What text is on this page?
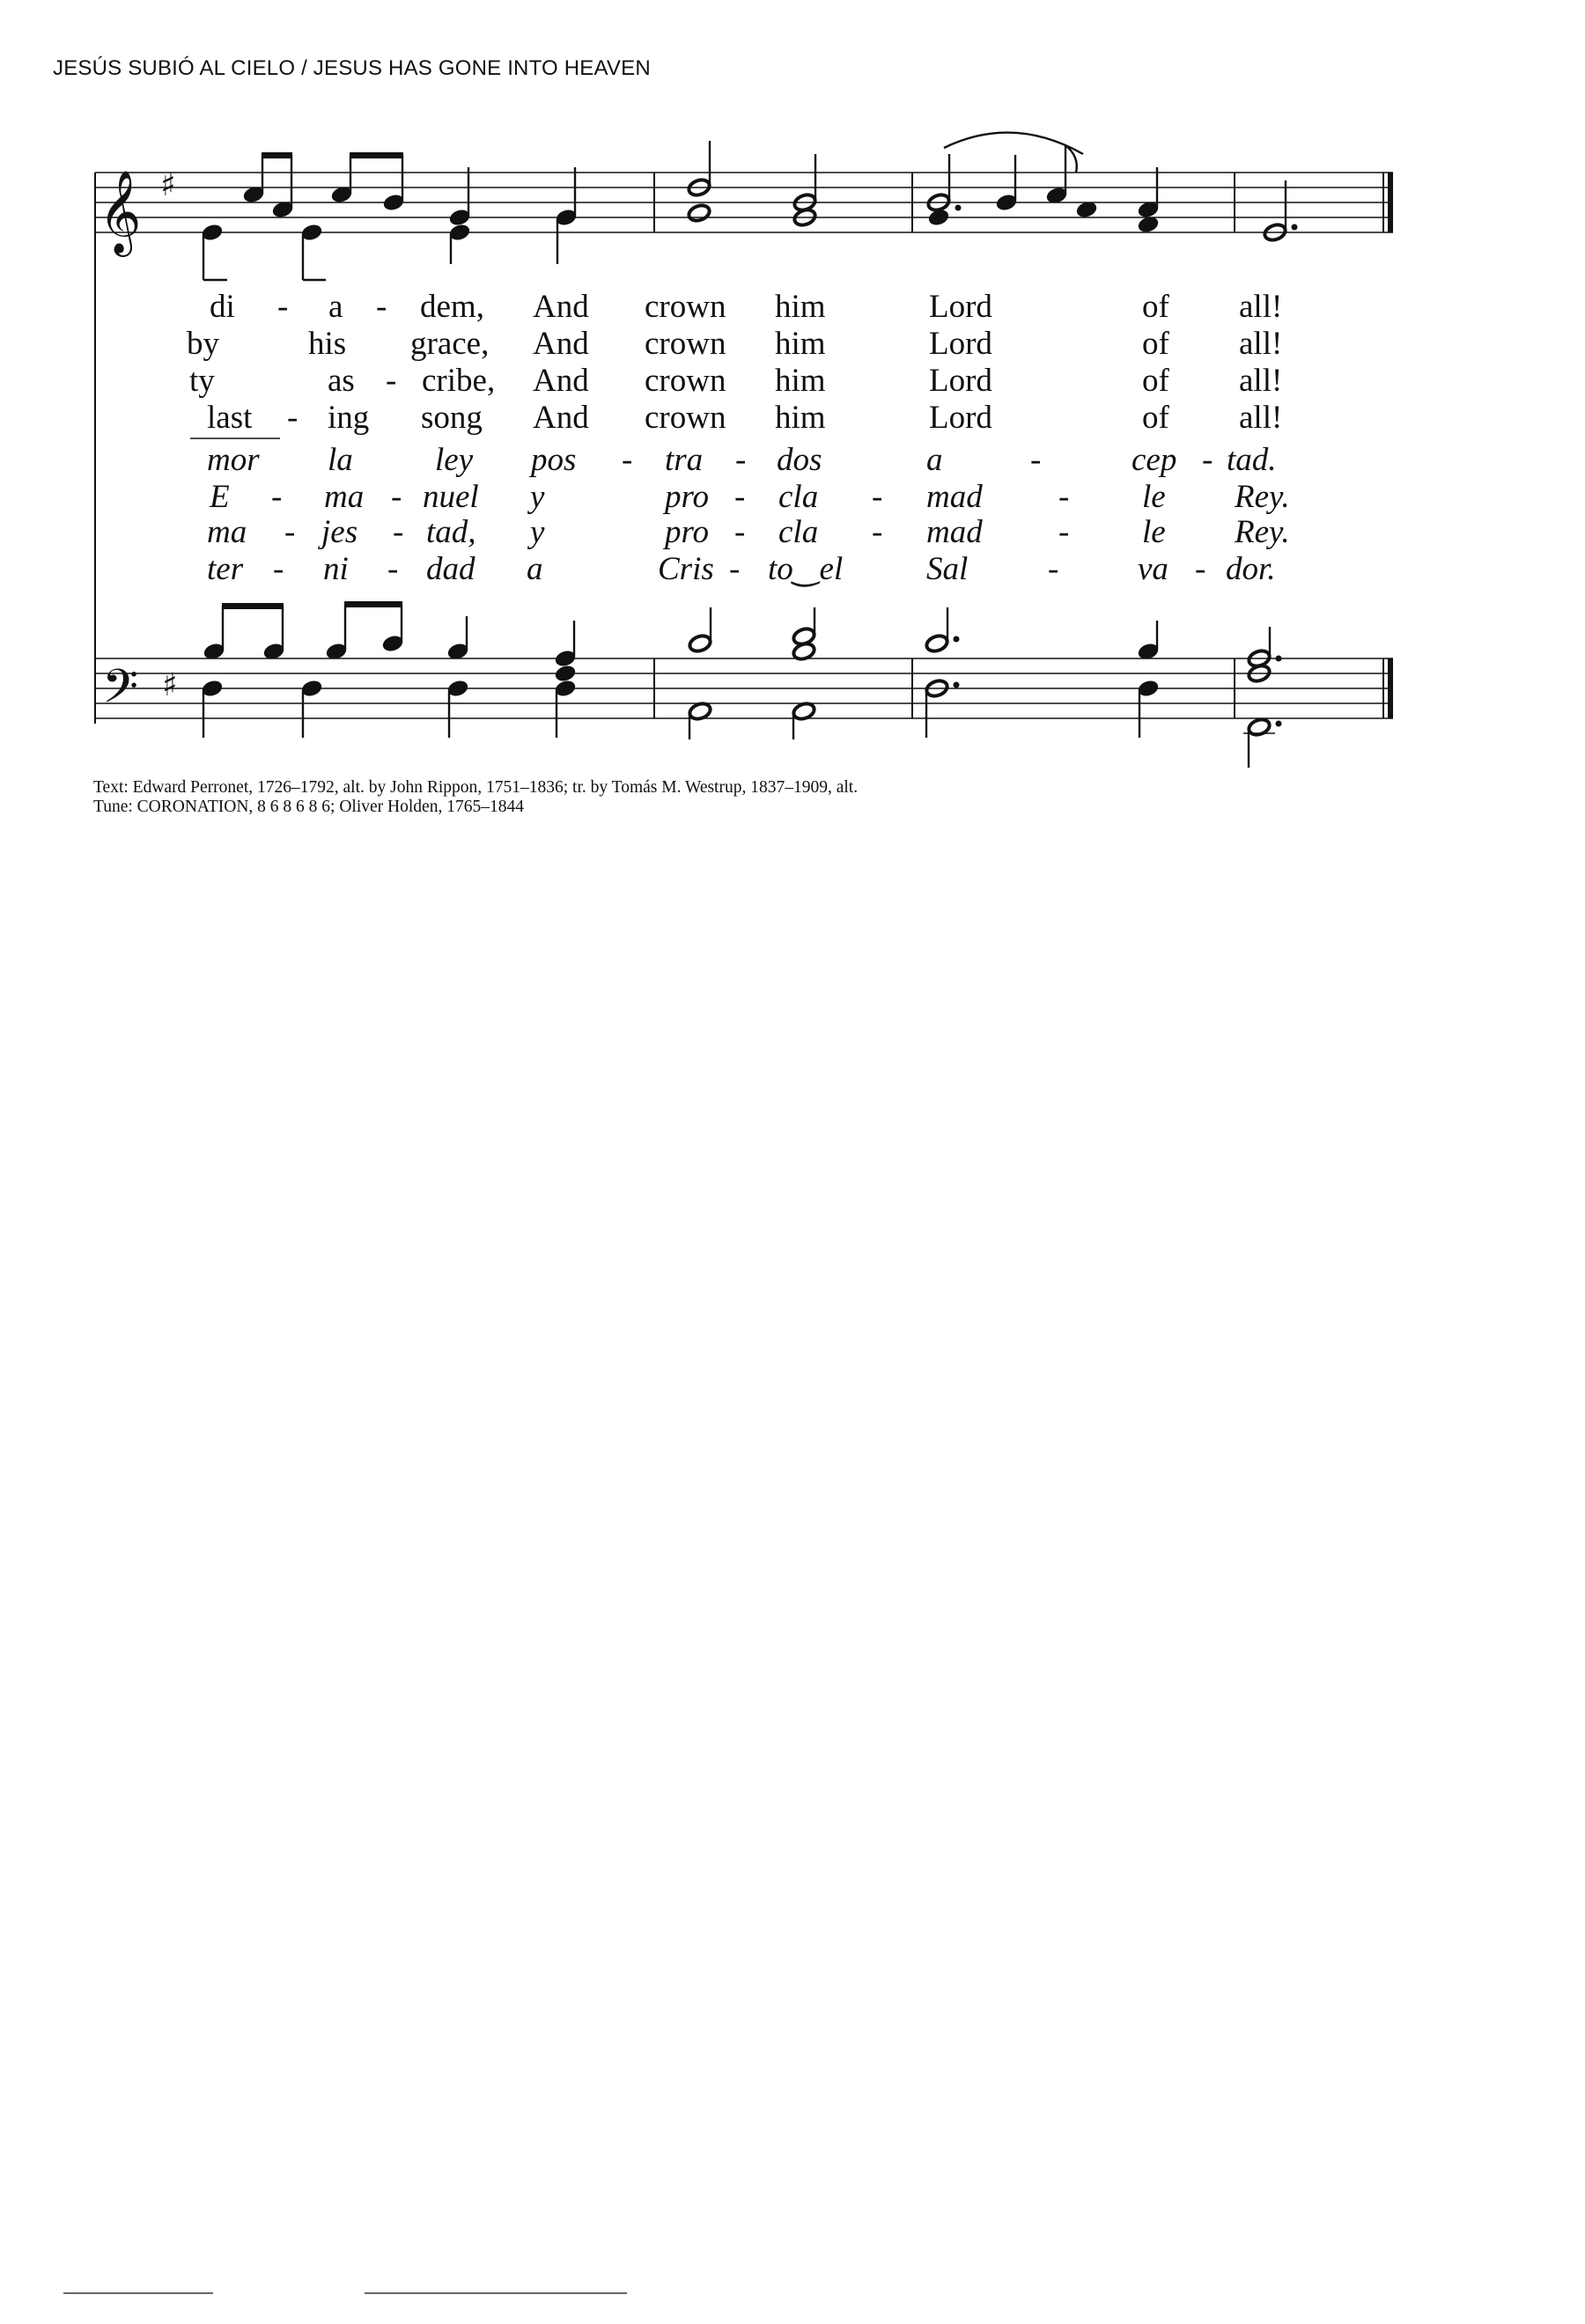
JESÚS SUBIÓ AL CIELO / JESUS HAS GONE INTO HEAVEN
𝄞 ♯
di - a - dem, And crown him	Lord	of all!
by	his grace, And crown him	Lord	of all!
ty	as - cribe, And crown him	Lord	of all!
last - ing song And crown him	Lord	of all!
mor la	ley pos - tra - dos	a	-	cep - tad.
E - ma - nuel y	pro - cla - mad - le Rey.
ma - jes - tad, y	pro - cla - mad - le Rey.
ter - ni - dad a	Cris - to‿el	Sal - va - dor.
𝄢 ♯
Text: Edward Perronet, 1726–1792, alt. by John Rippon, 1751–1836; tr. by Tomás M. Westrup, 1837–1909, alt.
Tune: CORONATION, 8 6 8 6 8 6; Oliver Holden, 1765–1844
